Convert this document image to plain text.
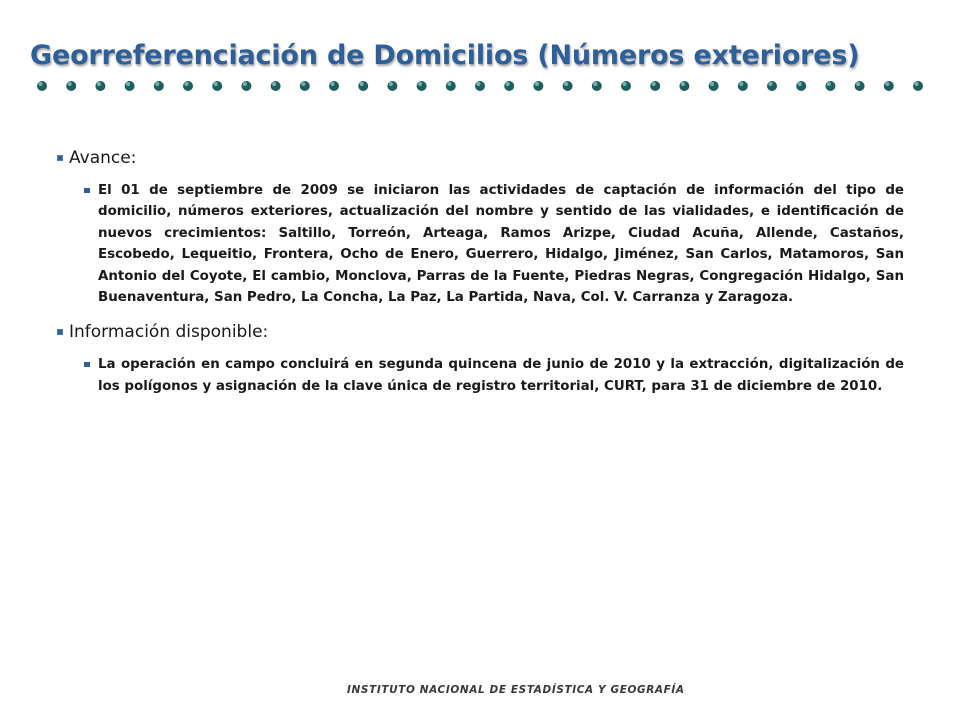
Georreferenciación de Domicilios (Números exteriores)
Avance:
El 01 de septiembre de 2009 se iniciaron las actividades de captación de información del tipo de domicilio, números exteriores, actualización del nombre y sentido de las vialidades, e identificación de nuevos crecimientos: Saltillo, Torreón, Arteaga, Ramos Arizpe, Ciudad Acuña, Allende, Castaños, Escobedo, Lequeitio, Frontera, Ocho de Enero, Guerrero, Hidalgo, Jiménez, San Carlos, Matamoros, San Antonio del Coyote, El cambio, Monclova, Parras de la Fuente, Piedras Negras, Congregación Hidalgo, San Buenaventura, San Pedro, La Concha, La Paz, La Partida, Nava, Col. V. Carranza y Zaragoza.
Información disponible:
La operación en campo concluirá en segunda quincena de junio de 2010 y la extracción, digitalización de los polígonos y asignación de la clave única de registro territorial, CURT, para 31 de diciembre de 2010.
INSTITUTO NACIONAL DE ESTADÍSTICA Y GEOGRAFÍA
